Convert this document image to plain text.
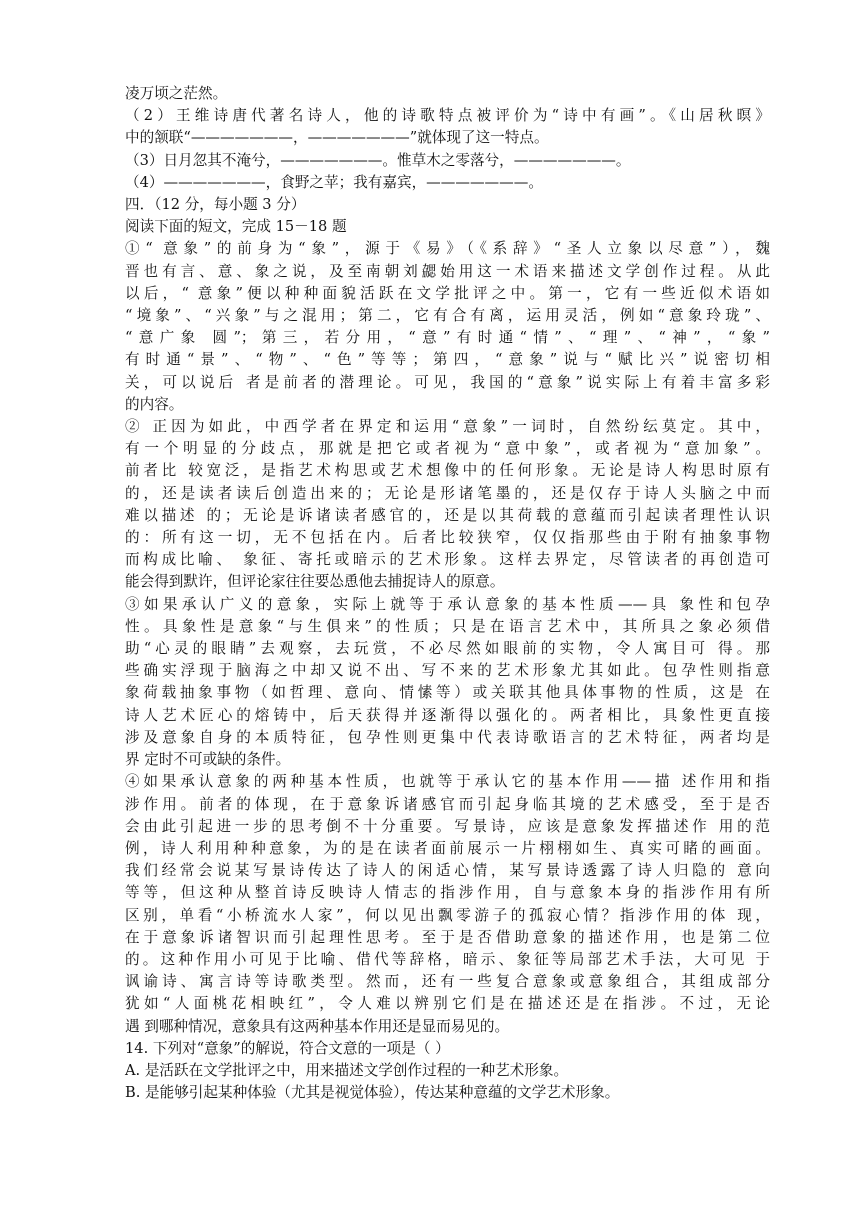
凌万顷之茫然。
（2）王维诗唐代著名诗人，他的诗歌特点被评价为“诗中有画”。《山居秋暝》
中的颔联“———————，———————”就体现了这一特点。
（3）日月忽其不淹兮，———————。惟草木之零落兮，———————。
（4）———————，食野之苹；我有嘉宾，———————。
四．（12 分，每小题 3 分）
阅读下面的短文，完成 15－18 题
①“ 意象”的前身为“象”，源于《易》（《系辞》“圣人立象以尽意”），魏
晋也有言、意、象之说，及至南朝刘勰始用这一术语来描述文学创作过程。从此
以后，“ 意象”便以种种面貌活跃在文学批评之中。第一，它有一些近似术语如
“境象”、“兴象”与之混用；第二，它有合有离，运用灵活，例如“意象玲珑”、
“意广象 圆”；第三，若分用，“意”有时通“情”、“理”、“神”，“象”
有时通“景”、“物”、“色”等等；第四，“意象”说与“赋比兴”说密切相
关，可以说后 者是前者的潜理论。可见，我国的“意象”说实际上有着丰富多彩
的内容。
② 正因为如此，中西学者在界定和运用“意象”一词时，自然纷纭莫定。其中，
有一个明显的分歧点，那就是把它或者视为“意中象”，或者视为“意加象”。
前者比 较宽泛，是指艺术构思或艺术想像中的任何形象。无论是诗人构思时原有
的，还是读者读后创造出来的；无论是形诸笔墨的，还是仅存于诗人头脑之中而
难以描述 的；无论是诉诸读者感官的，还是以其荷载的意蕴而引起读者理性认识
的：所有这一切，无不包括在内。后者比较狭窄，仅仅指那些由于附有抽象事物
而构成比喻、 象征、寄托或暗示的艺术形象。这样去界定，尽管读者的再创造可
能会得到默许，但评论家往往要怂恿他去捕捉诗人的原意。
③如果承认广义的意象，实际上就等于承认意象的基本性质——具 象性和包孕
性。具象性是意象“与生俱来”的性质；只是在语言艺术中，其所具之象必须借
助“心灵的眼睛”去观察，去玩赏，不必尽然如眼前的实物，令人寓目可 得。那
些确实浮现于脑海之中却又说不出、写不来的艺术形象尤其如此。包孕性则指意
象荷载抽象事物（如哲理、意向、情愫等）或关联其他具体事物的性质，这是 在
诗人艺术匠心的熔铸中，后天获得并逐渐得以强化的。两者相比，具象性更直接
涉及意象自身的本质特征，包孕性则更集中代表诗歌语言的艺术特征，两者均是
界 定时不可或缺的条件。
④如果承认意象的两种基本性质，也就等于承认它的基本作用——描 述作用和指
涉作用。前者的体现，在于意象诉诸感官而引起身临其境的艺术感受，至于是否
会由此引起进一步的思考倒不十分重要。写景诗，应该是意象发挥描述作 用的范
例，诗人利用种种意象，为的是在读者面前展示一片栩栩如生、真实可睹的画面。
我们经常会说某写景诗传达了诗人的闲适心情，某写景诗透露了诗人归隐的 意向
等等，但这种从整首诗反映诗人情志的指涉作用，自与意象本身的指涉作用有所
区别，单看“小桥流水人家”，何以见出飘零游子的孤寂心情？指涉作用的体 现，
在于意象诉诸智识而引起理性思考。至于是否借助意象的描述作用，也是第二位
的。这种作用小可见于比喻、借代等辞格，暗示、象征等局部艺术手法，大可见 于
讽谕诗、寓言诗等诗歌类型。然而，还有一些复合意象或意象组合，其组成部分
犹如“人面桃花相映红”，令人难以辨别它们是在描述还是在指涉。不过，无论
遇 到哪种情况，意象具有这两种基本作用还是显而易见的。
14. 下列对“意象”的解说，符合文意的一项是（ ）
A. 是活跃在文学批评之中，用来描述文学创作过程的一种艺术形象。
B. 是能够引起某种体验（尤其是视觉体验），传达某种意蕴的文学艺术形象。
